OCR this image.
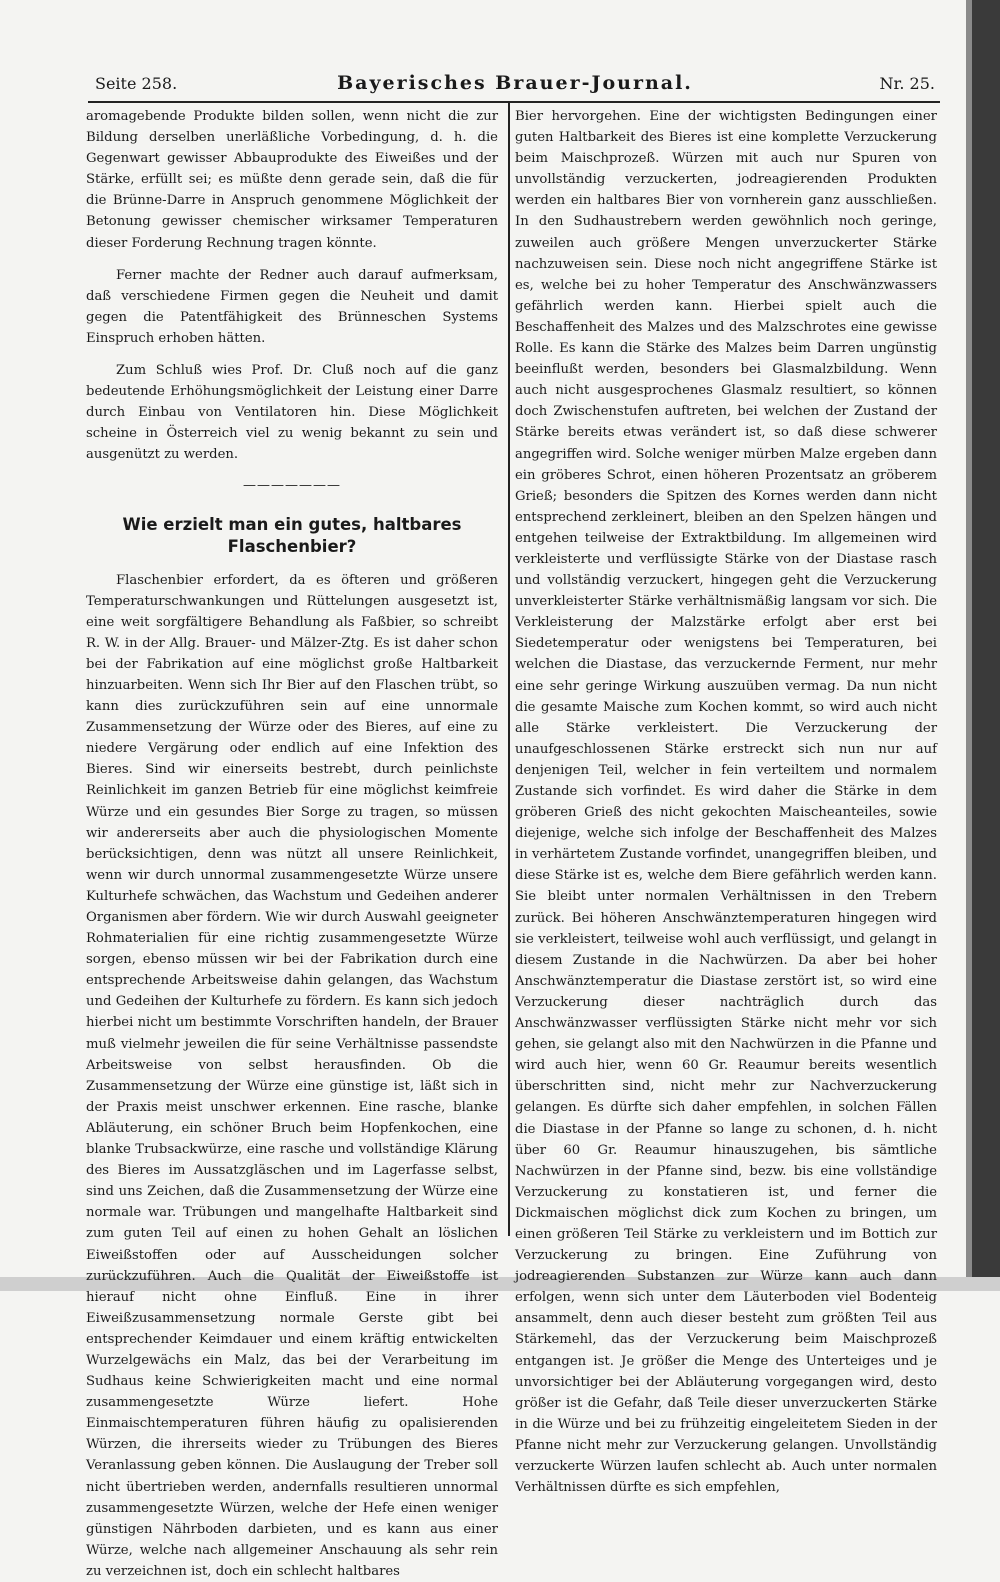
Seite 258.	Bayerisches Brauer-Journal.	Nr. 25.

aromagebende Produkte bilden sollen, wenn nicht die zur Bildung derselben unerläßliche Vorbedingung, d. h. die Gegenwart gewisser Abbauprodukte des Eiweißes und der Stärke, erfüllt sei; es müßte denn gerade sein, daß die für die Brünne-Darre in Anspruch genommene Möglichkeit der Betonung gewisser chemischer wirksamer Temperaturen dieser Forderung Rechnung tragen könnte.

Ferner machte der Redner auch darauf aufmerksam, daß verschiedene Firmen gegen die Neuheit und damit gegen die Patentfähigkeit des Brünneschen Systems Einspruch erhoben hätten.

Zum Schluß wies Prof. Dr. Cluß noch auf die ganz bedeutende Erhöhungsmöglichkeit der Leistung einer Darre durch Einbau von Ventilatoren hin. Diese Möglichkeit scheine in Österreich viel zu wenig bekannt zu sein und ausgenützt zu werden.

———————
Wie erzielt man ein gutes, haltbares Flaschenbier?

Flaschenbier erfordert, da es öfteren und größeren Temperaturschwankungen und Rüttelungen ausgesetzt ist, eine weit sorgfältigere Behandlung als Faßbier, so schreibt R. W. in der Allg. Brauer- und Mälzer-Ztg. Es ist daher schon bei der Fabrikation auf eine möglichst große Haltbarkeit hinzuarbeiten. Wenn sich Ihr Bier auf den Flaschen trübt, so kann dies zurückzuführen sein auf eine unnormale Zusammensetzung der Würze oder des Bieres, auf eine zu niedere Vergärung oder endlich auf eine Infektion des Bieres. Sind wir einerseits bestrebt, durch peinlichste Reinlichkeit im ganzen Betrieb für eine möglichst keimfreie Würze und ein gesundes Bier Sorge zu tragen, so müssen wir andererseits aber auch die physiologischen Momente berücksichtigen, denn was nützt all unsere Reinlichkeit, wenn wir durch unnormal zusammengesetzte Würze unsere Kulturhefe schwächen, das Wachstum und Gedeihen anderer Organismen aber fördern. Wie wir durch Auswahl geeigneter Rohmaterialien für eine richtig zusammengesetzte Würze sorgen, ebenso müssen wir bei der Fabrikation durch eine entsprechende Arbeitsweise dahin gelangen, das Wachstum und Gedeihen der Kulturhefe zu fördern. Es kann sich jedoch hierbei nicht um bestimmte Vorschriften handeln, der Brauer muß vielmehr jeweilen die für seine Verhältnisse passendste Arbeitsweise von selbst herausfinden. Ob die Zusammensetzung der Würze eine günstige ist, läßt sich in der Praxis meist unschwer erkennen. Eine rasche, blanke Abläuterung, ein schöner Bruch beim Hopfenkochen, eine blanke Trubsackwürze, eine rasche und vollständige Klärung des Bieres im Aussatzgläschen und im Lagerfasse selbst, sind uns Zeichen, daß die Zusammensetzung der Würze eine normale war. Trübungen und mangelhafte Haltbarkeit sind zum guten Teil auf einen zu hohen Gehalt an löslichen Eiweißstoffen oder auf Ausscheidungen solcher zurückzuführen. Auch die Qualität der Eiweißstoffe ist hierauf nicht ohne Einfluß. Eine in ihrer Eiweißzusammensetzung normale Gerste gibt bei entsprechender Keimdauer und einem kräftig entwickelten Wurzelgewächs ein Malz, das bei der Verarbeitung im Sudhaus keine Schwierigkeiten macht und eine normal zusammengesetzte Würze liefert. Hohe Einmaischtemperaturen führen häufig zu opalisierenden Würzen, die ihrerseits wieder zu Trübungen des Bieres Veranlassung geben können. Die Auslaugung der Treber soll nicht übertrieben werden, andernfalls resultieren unnormal zusammengesetzte Würzen, welche der Hefe einen weniger günstigen Nährboden darbieten, und es kann aus einer Würze, welche nach allgemeiner Anschauung als sehr rein zu verzeichnen ist, doch ein schlecht haltbares

Bier hervorgehen. Eine der wichtigsten Bedingungen einer guten Haltbarkeit des Bieres ist eine komplette Verzuckerung beim Maischprozeß. Würzen mit auch nur Spuren von unvollständig verzuckerten, jodreagierenden Produkten werden ein haltbares Bier von vornherein ganz ausschließen. In den Sudhaustrebern werden gewöhnlich noch geringe, zuweilen auch größere Mengen unverzuckerter Stärke nachzuweisen sein. Diese noch nicht angegriffene Stärke ist es, welche bei zu hoher Temperatur des Anschwänzwassers gefährlich werden kann. Hierbei spielt auch die Beschaffenheit des Malzes und des Malzschrotes eine gewisse Rolle. Es kann die Stärke des Malzes beim Darren ungünstig beeinflußt werden, besonders bei Glasmalzbildung. Wenn auch nicht ausgesprochenes Glasmalz resultiert, so können doch Zwischenstufen auftreten, bei welchen der Zustand der Stärke bereits etwas verändert ist, so daß diese schwerer angegriffen wird. Solche weniger mürben Malze ergeben dann ein gröberes Schrot, einen höheren Prozentsatz an gröberem Grieß; besonders die Spitzen des Kornes werden dann nicht entsprechend zerkleinert, bleiben an den Spelzen hängen und entgehen teilweise der Extraktbildung. Im allgemeinen wird verkleisterte und verflüssigte Stärke von der Diastase rasch und vollständig verzuckert, hingegen geht die Verzuckerung unverkleisterter Stärke verhältnismäßig langsam vor sich. Die Verkleisterung der Malzstärke erfolgt aber erst bei Siedetemperatur oder wenigstens bei Temperaturen, bei welchen die Diastase, das verzuckernde Ferment, nur mehr eine sehr geringe Wirkung auszuüben vermag. Da nun nicht die gesamte Maische zum Kochen kommt, so wird auch nicht alle Stärke verkleistert. Die Verzuckerung der unaufgeschlossenen Stärke erstreckt sich nun nur auf denjenigen Teil, welcher in fein verteiltem und normalem Zustande sich vorfindet. Es wird daher die Stärke in dem gröberen Grieß des nicht gekochten Maischeanteiles, sowie diejenige, welche sich infolge der Beschaffenheit des Malzes in verhärtetem Zustande vorfindet, unangegriffen bleiben, und diese Stärke ist es, welche dem Biere gefährlich werden kann. Sie bleibt unter normalen Verhältnissen in den Trebern zurück. Bei höheren Anschwänztemperaturen hingegen wird sie verkleistert, teilweise wohl auch verflüssigt, und gelangt in diesem Zustande in die Nachwürzen. Da aber bei hoher Anschwänztemperatur die Diastase zerstört ist, so wird eine Verzuckerung dieser nachträglich durch das Anschwänzwasser verflüssigten Stärke nicht mehr vor sich gehen, sie gelangt also mit den Nachwürzen in die Pfanne und wird auch hier, wenn 60 Gr. Reaumur bereits wesentlich überschritten sind, nicht mehr zur Nachverzuckerung gelangen. Es dürfte sich daher empfehlen, in solchen Fällen die Diastase in der Pfanne so lange zu schonen, d. h. nicht über 60 Gr. Reaumur hinauszugehen, bis sämtliche Nachwürzen in der Pfanne sind, bezw. bis eine vollständige Verzuckerung zu konstatieren ist, und ferner die Dickmaischen möglichst dick zum Kochen zu bringen, um einen größeren Teil Stärke zu verkleistern und im Bottich zur Verzuckerung zu bringen. Eine Zuführung von jodreagierenden Substanzen zur Würze kann auch dann erfolgen, wenn sich unter dem Läuterboden viel Bodenteig ansammelt, denn auch dieser besteht zum größten Teil aus Stärkemehl, das der Verzuckerung beim Maischprozeß entgangen ist. Je größer die Menge des Unterteiges und je unvorsichtiger bei der Abläuterung vorgegangen wird, desto größer ist die Gefahr, daß Teile dieser unverzuckerten Stärke in die Würze und bei zu frühzeitig eingeleitetem Sieden in der Pfanne nicht mehr zur Verzuckerung gelangen. Unvollständig verzuckerte Würzen laufen schlecht ab. Auch unter normalen Verhältnissen dürfte es sich empfehlen,
